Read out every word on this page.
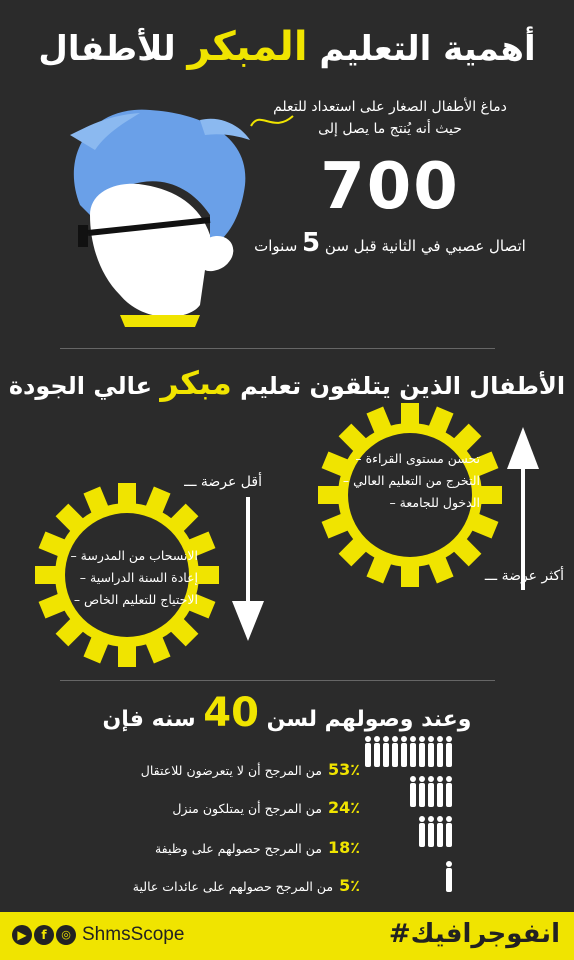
أهمية التعليم المبكر للأطفال
دماغ الأطفال الصغار على استعداد للتعلم
حيث أنه يُنتج ما يصل إلى
700
اتصال عصبي في الثانية قبل سن 5 سنوات
الأطفال الذين يتلقون تعليم مبكر عالي الجودة
تحسن مستوى القراءة –
التخرج من التعليم العالي –
الدخول للجامعة –
أكثر عرضة ـــ
الانسحاب من المدرسة –
إعادة السنة الدراسية –
الاحتياج للتعليم الخاص –
أقل عرضة ـــ
وعند وصولهم لسن 40 سنه فإن
53٪
من المرجح أن لا يتعرضون للاعتقال
24٪
من المرجح أن يمتلكون منزل
18٪
من المرجح حصولهم على وظيفة
5٪
من المرجح حصولهم على عائدات عالية
#انفوجرافيك
▶	f	◎ ShmsScope
